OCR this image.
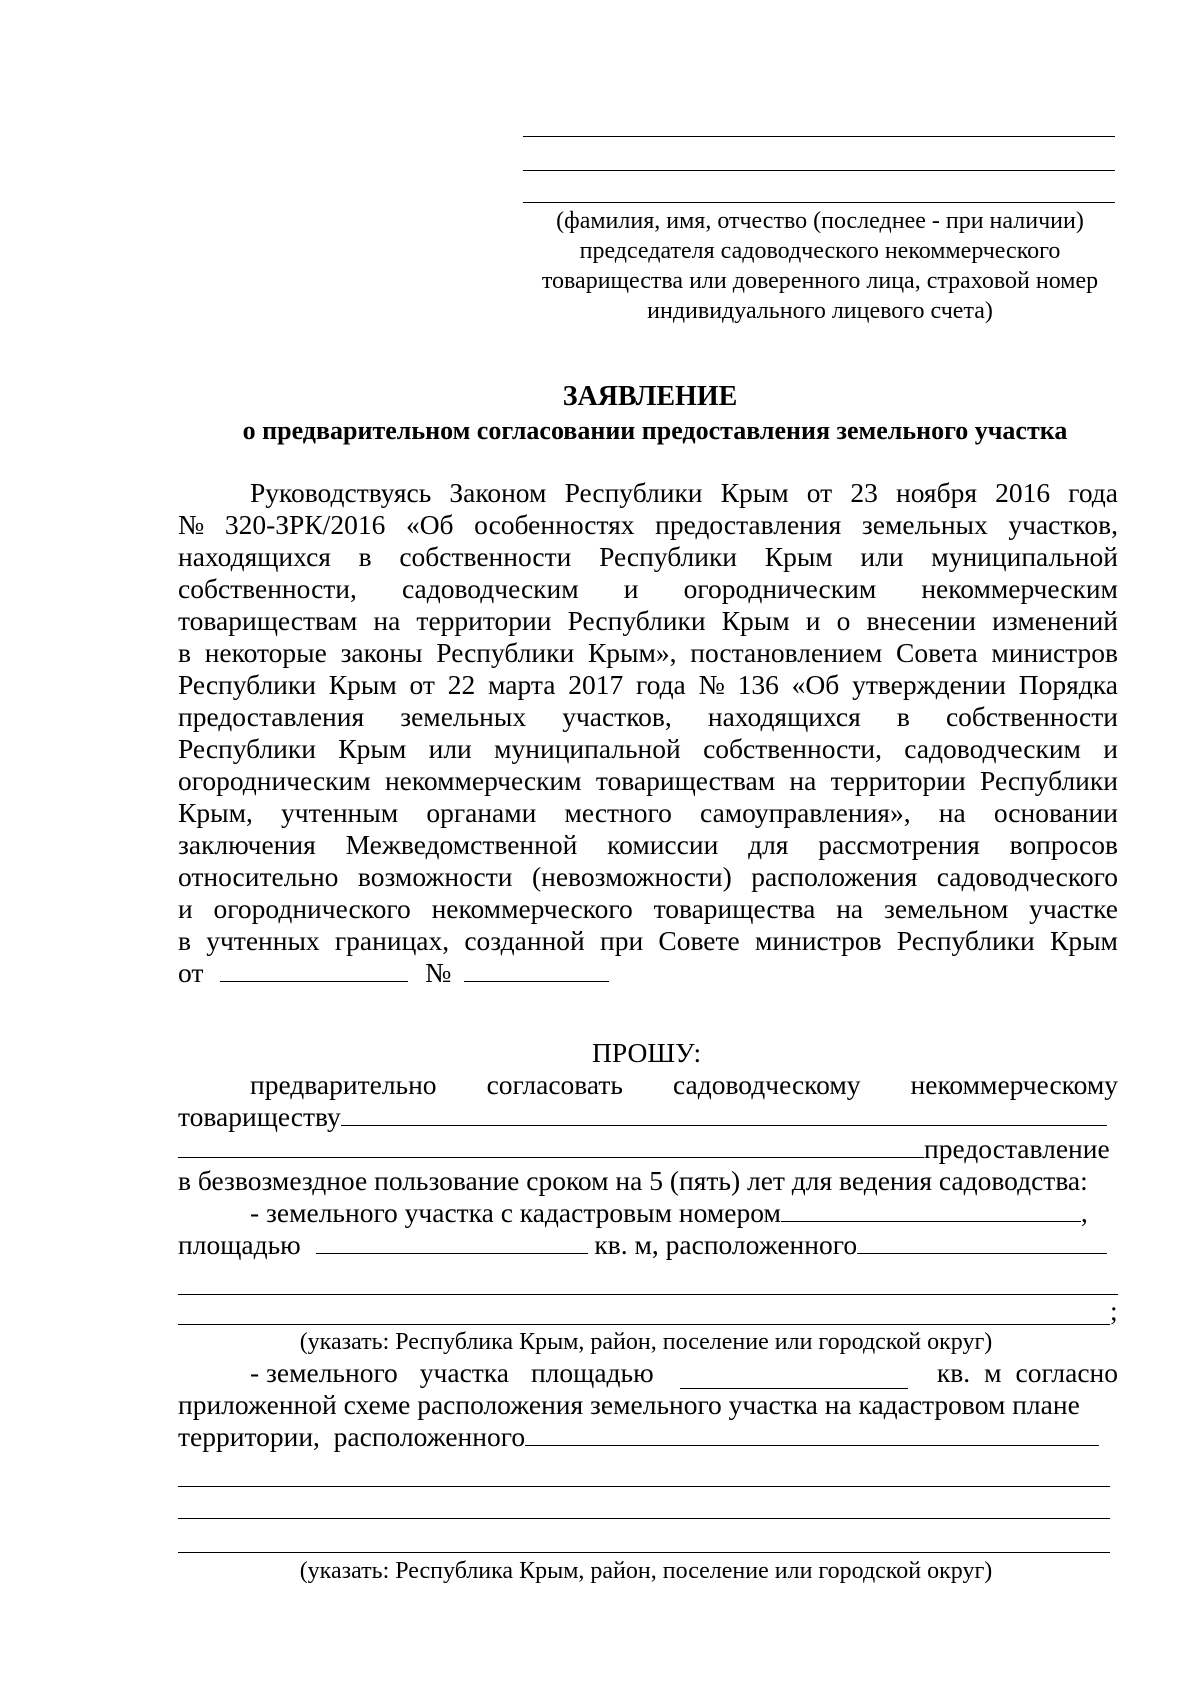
(фамилия, имя, отчество (последнее - при наличии)
председателя садоводческого некоммерческого
товарищества или доверенного лица, страховой номер
индивидуального лицевого счета)
ЗАЯВЛЕНИЕ
о предварительном согласовании предоставления земельного участка
Руководствуясь Законом Республики Крым от 23 ноября 2016 года
№ 320-ЗРК/2016 «Об особенностях предоставления земельных участков,
находящихся в собственности Республики Крым или муниципальной
собственности, садоводческим и огородническим некоммерческим
товариществам на территории Республики Крым и о внесении изменений
в некоторые законы Республики Крым», постановлением Совета министров
Республики Крым от 22 марта 2017 года № 136 «Об утверждении Порядка
предоставления земельных участков, находящихся в собственности
Республики Крым или муниципальной собственности, садоводческим и
огородническим некоммерческим товариществам на территории Республики
Крым, учтенным органами местного самоуправления», на основании
заключения Межведомственной комиссии для рассмотрения вопросов
относительно возможности (невозможности) расположения садоводческого
и огороднического некоммерческого товарищества на земельном участке
в учтенных границах, созданной при Совете министров Республики Крым
от	№
ПРОШУ:
предварительно согласовать садоводческому некоммерческому
товариществу
предоставление
в безвозмездное пользование сроком на 5 (пять) лет для ведения садоводства:
- земельного участка с кадастровым номером	,
площадью	кв. м, расположенного
;
(указать: Республика Крым, район, поселение или городской округ)
- земельного участка площадью	кв. м согласно
приложенной схеме расположения земельного участка на кадастровом плане
территории,  расположенного
(указать: Республика Крым, район, поселение или городской округ)
